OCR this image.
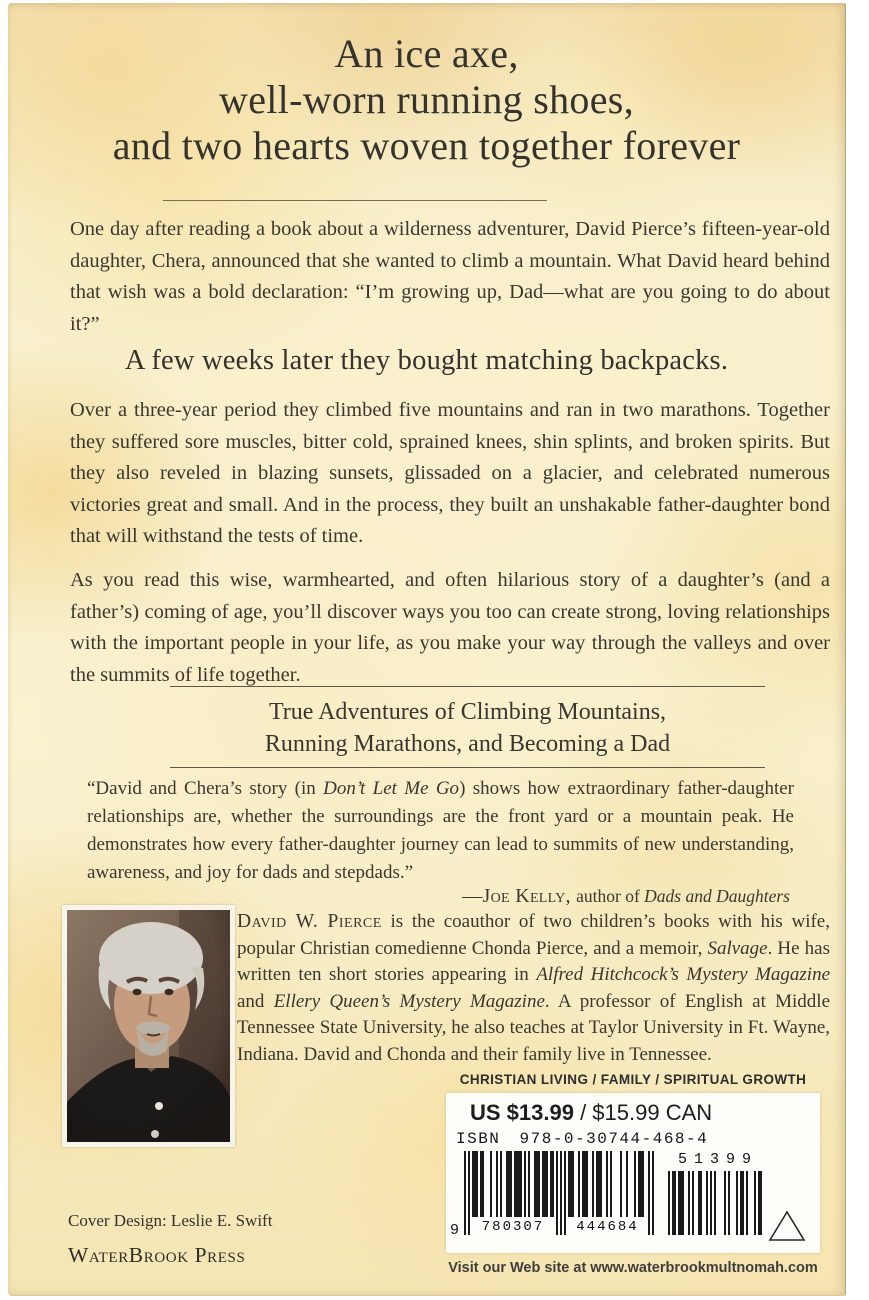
An ice axe,
well-worn running shoes,
and two hearts woven together forever
One day after reading a book about a wilderness adventurer, David Pierce’s fifteen-year-old daughter, Chera, announced that she wanted to climb a mountain. What David heard behind that wish was a bold declaration: “I’m growing up, Dad—what are you going to do about it?”
A few weeks later they bought matching backpacks.
Over a three-year period they climbed five mountains and ran in two marathons. Together they suffered sore muscles, bitter cold, sprained knees, shin splints, and broken spirits. But they also reveled in blazing sunsets, glissaded on a glacier, and celebrated numerous victories great and small. And in the process, they built an unshakable father-daughter bond that will withstand the tests of time.
As you read this wise, warmhearted, and often hilarious story of a daughter’s (and a father’s) coming of age, you’ll discover ways you too can create strong, loving relationships with the important people in your life, as you make your way through the valleys and over the summits of life together.
True Adventures of Climbing Mountains,
Running Marathons, and Becoming a Dad
“David and Chera’s story (in Don’t Let Me Go) shows how extraordinary father-daughter relationships are, whether the surroundings are the front yard or a mountain peak. He demonstrates how every father-daughter journey can lead to summits of new understanding, awareness, and joy for dads and stepdads.”
—Joe Kelly, author of Dads and Daughters
David W. Pierce is the coauthor of two children’s books with his wife, popular Christian comedienne Chonda Pierce, and a memoir, Salvage. He has written ten short stories appearing in Alfred Hitchcock’s Mystery Magazine and Ellery Queen’s Mystery Magazine. A professor of English at Middle Tennessee State University, he also teaches at Taylor University in Ft. Wayne, Indiana. David and Chonda and their family live in Tennessee.
CHRISTIAN LIVING / FAMILY / SPIRITUAL GROWTH
US $13.99 / $15.99 CAN
ISBN 978-0-30744-468-4
9	780307	444684
51399
Visit our Web site at www.waterbrookmultnomah.com
Cover Design: Leslie E. Swift
WaterBrook Press
